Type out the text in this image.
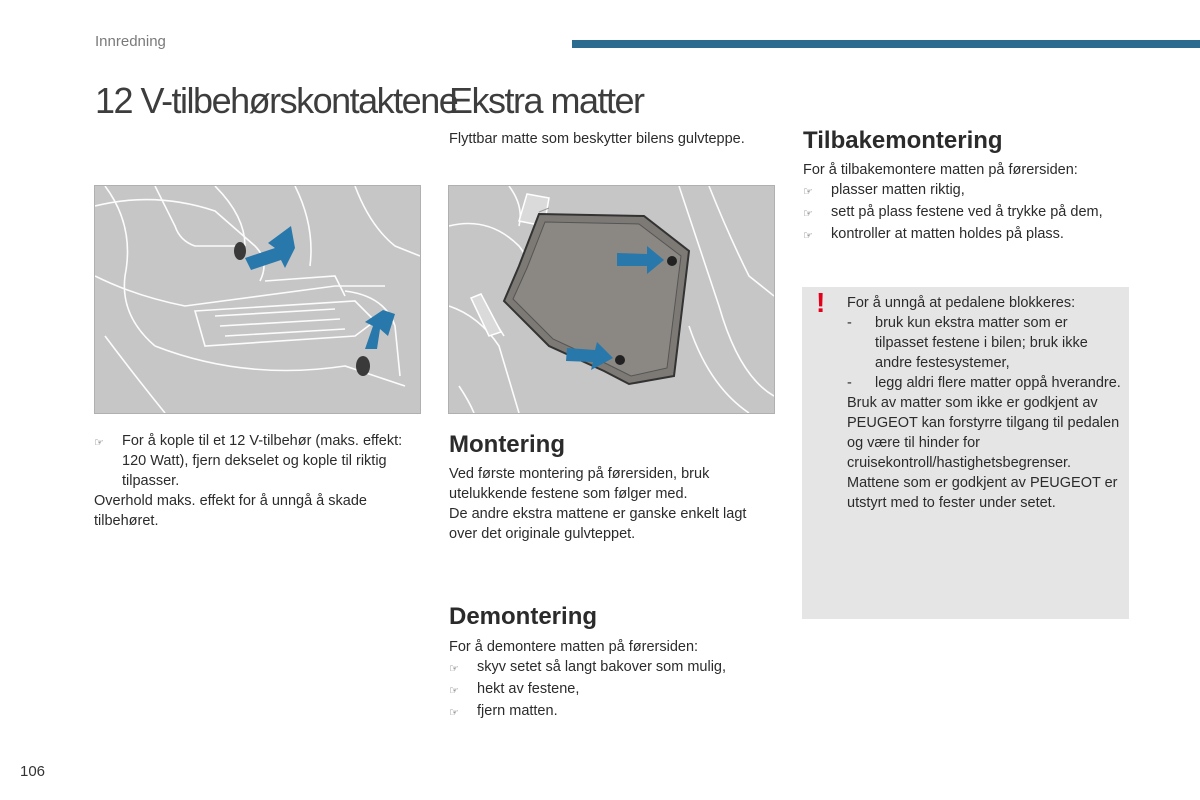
Innredning
12 V-tilbehørskontaktene
Ekstra matter
Flyttbar matte som beskytter bilens gulvteppe.
☞	For å kople til et 12 V-tilbehør (maks. effekt: 120 Watt), fjern dekselet og kople til riktig tilpasser.
Overhold maks. effekt for å unngå å skade tilbehøret.
Montering
Ved første montering på førersiden, bruk utelukkende festene som følger med.
De andre ekstra mattene er ganske enkelt lagt over det originale gulvteppet.
Demontering
For å demontere matten på førersiden:
☞	skyv setet så langt bakover som mulig,
☞	hekt av festene,
☞	fjern matten.
Tilbakemontering
For å tilbakemontere matten på førersiden:
☞	plasser matten riktig,
☞	sett på plass festene ved å trykke på dem,
☞	kontroller at matten holdes på plass.
! For å unngå at pedalene blokkeres:
-	bruk kun ekstra matter som er tilpasset festene i bilen; bruk ikke andre festesystemer,
-	legg aldri flere matter oppå hverandre.
Bruk av matter som ikke er godkjent av PEUGEOT kan forstyrre tilgang til pedalen og være til hinder for cruisekontroll/hastighetsbegrenser. Mattene som er godkjent av PEUGEOT er utstyrt med to fester under setet.
106
